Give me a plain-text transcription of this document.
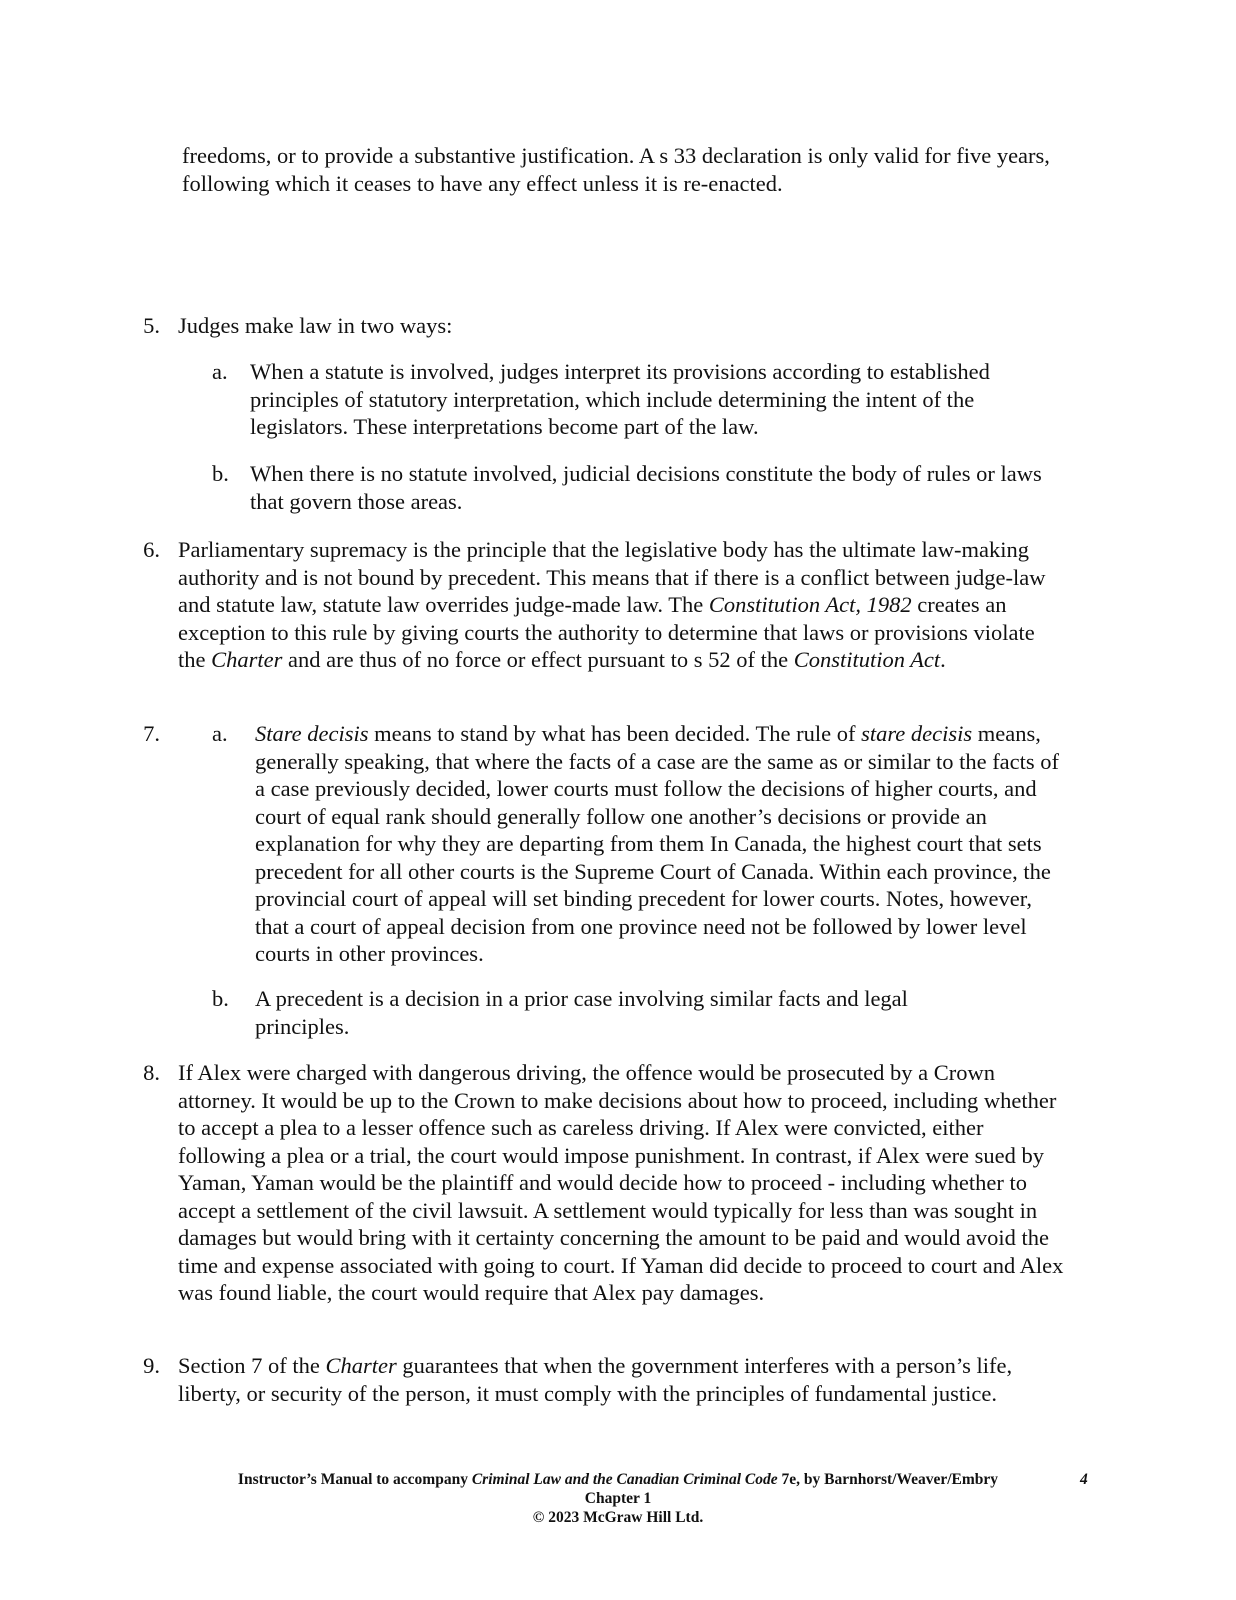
freedoms, or to provide a substantive justification. A s 33 declaration is only valid for five years, following which it ceases to have any effect unless it is re-enacted.

5. Judges make law in two ways:
a. When a statute is involved, judges interpret its provisions according to established principles of statutory interpretation, which include determining the intent of the legislators. These interpretations become part of the law.
b. When there is no statute involved, judicial decisions constitute the body of rules or laws that govern those areas.
6. Parliamentary supremacy is the principle that the legislative body has the ultimate law-making authority and is not bound by precedent. This means that if there is a conflict between judge-law and statute law, statute law overrides judge-made law. The Constitution Act, 1982 creates an exception to this rule by giving courts the authority to determine that laws or provisions violate the Charter and are thus of no force or effect pursuant to s 52 of the Constitution Act.
7. a. Stare decisis means to stand by what has been decided. The rule of stare decisis means, generally speaking, that where the facts of a case are the same as or similar to the facts of a case previously decided, lower courts must follow the decisions of higher courts, and court of equal rank should generally follow one another’s decisions or provide an explanation for why they are departing from them In Canada, the highest court that sets precedent for all other courts is the Supreme Court of Canada. Within each province, the provincial court of appeal will set binding precedent for lower courts. Notes, however, that a court of appeal decision from one province need not be followed by lower level courts in other provinces.
b. A precedent is a decision in a prior case involving similar facts and legal principles.
8. If Alex were charged with dangerous driving, the offence would be prosecuted by a Crown attorney. It would be up to the Crown to make decisions about how to proceed, including whether to accept a plea to a lesser offence such as careless driving. If Alex were convicted, either following a plea or a trial, the court would impose punishment. In contrast, if Alex were sued by Yaman, Yaman would be the plaintiff and would decide how to proceed - including whether to accept a settlement of the civil lawsuit. A settlement would typically for less than was sought in damages but would bring with it certainty concerning the amount to be paid and would avoid the time and expense associated with going to court. If Yaman did decide to proceed to court and Alex was found liable, the court would require that Alex pay damages.
9. Section 7 of the Charter guarantees that when the government interferes with a person’s life, liberty, or security of the person, it must comply with the principles of fundamental justice.
Instructor’s Manual to accompany Criminal Law and the Canadian Criminal Code 7e, by Barnhorst/Weaver/Embry
Chapter 1
© 2023 McGraw Hill Ltd.
4
